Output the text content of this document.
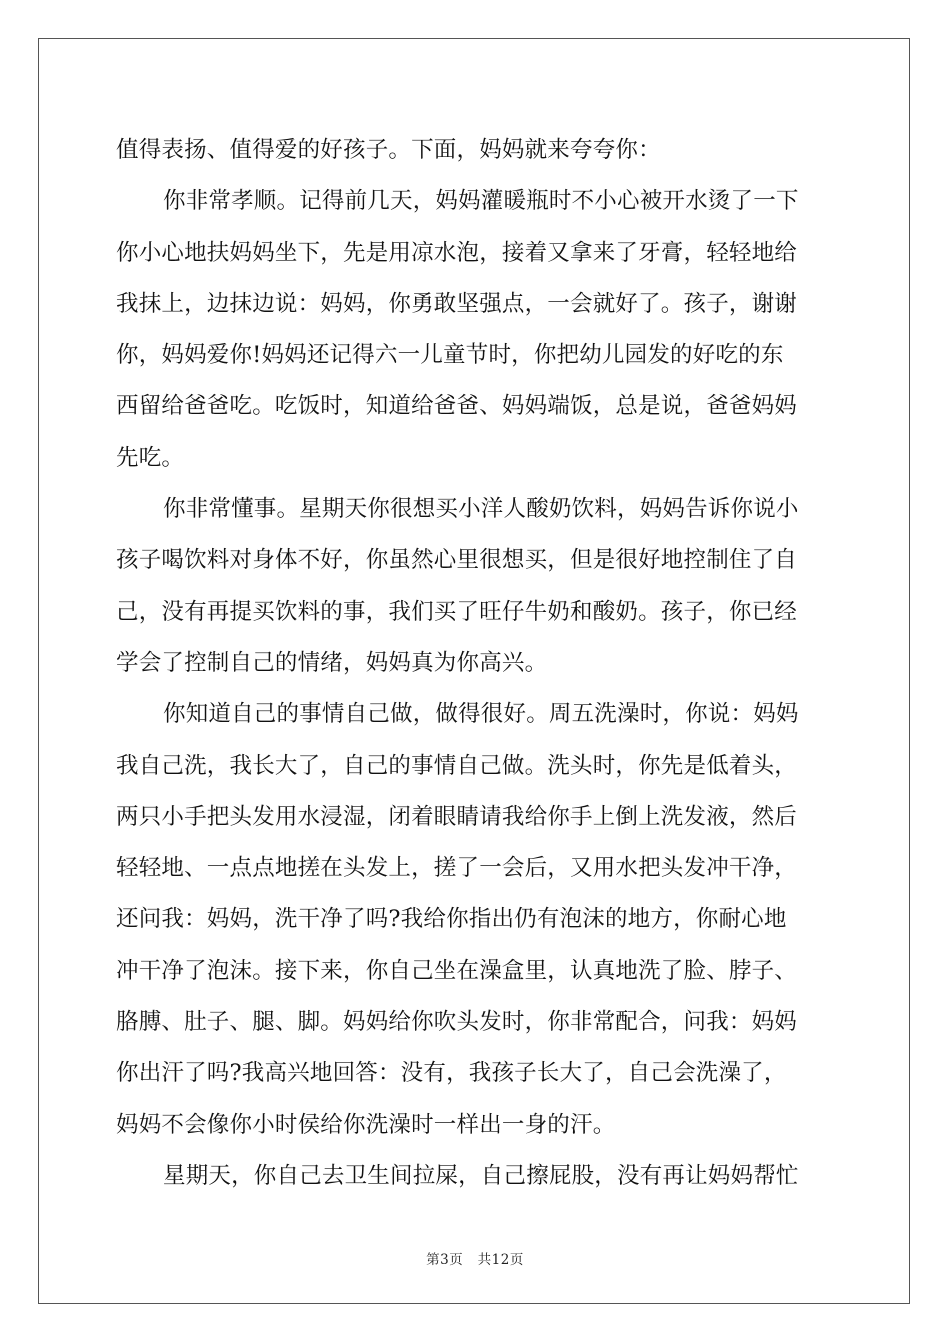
值得表扬、值得爱的好孩子。下面，妈妈就来夸夸你：
你非常孝顺。记得前几天，妈妈灌暖瓶时不小心被开水烫了一下
你小心地扶妈妈坐下，先是用凉水泡，接着又拿来了牙膏，轻轻地给
我抹上，边抹边说：妈妈，你勇敢坚强点，一会就好了。孩子，谢谢
你，妈妈爱你!妈妈还记得六一儿童节时，你把幼儿园发的好吃的东
西留给爸爸吃。吃饭时，知道给爸爸、妈妈端饭，总是说，爸爸妈妈
先吃。
你非常懂事。星期天你很想买小洋人酸奶饮料，妈妈告诉你说小
孩子喝饮料对身体不好，你虽然心里很想买，但是很好地控制住了自
己，没有再提买饮料的事，我们买了旺仔牛奶和酸奶。孩子，你已经
学会了控制自己的情绪，妈妈真为你高兴。
你知道自己的事情自己做，做得很好。周五洗澡时，你说：妈妈
我自己洗，我长大了，自己的事情自己做。洗头时，你先是低着头，
两只小手把头发用水浸湿，闭着眼睛请我给你手上倒上洗发液，然后
轻轻地、一点点地搓在头发上，搓了一会后，又用水把头发冲干净，
还问我：妈妈，洗干净了吗?我给你指出仍有泡沫的地方，你耐心地
冲干净了泡沫。接下来，你自己坐在澡盒里，认真地洗了脸、脖子、
胳膊、肚子、腿、脚。妈妈给你吹头发时，你非常配合，问我：妈妈
你出汗了吗?我高兴地回答：没有，我孩子长大了，自己会洗澡了，
妈妈不会像你小时侯给你洗澡时一样出一身的汗。
星期天，你自己去卫生间拉屎，自己擦屁股，没有再让妈妈帮忙
第3页 共12页
